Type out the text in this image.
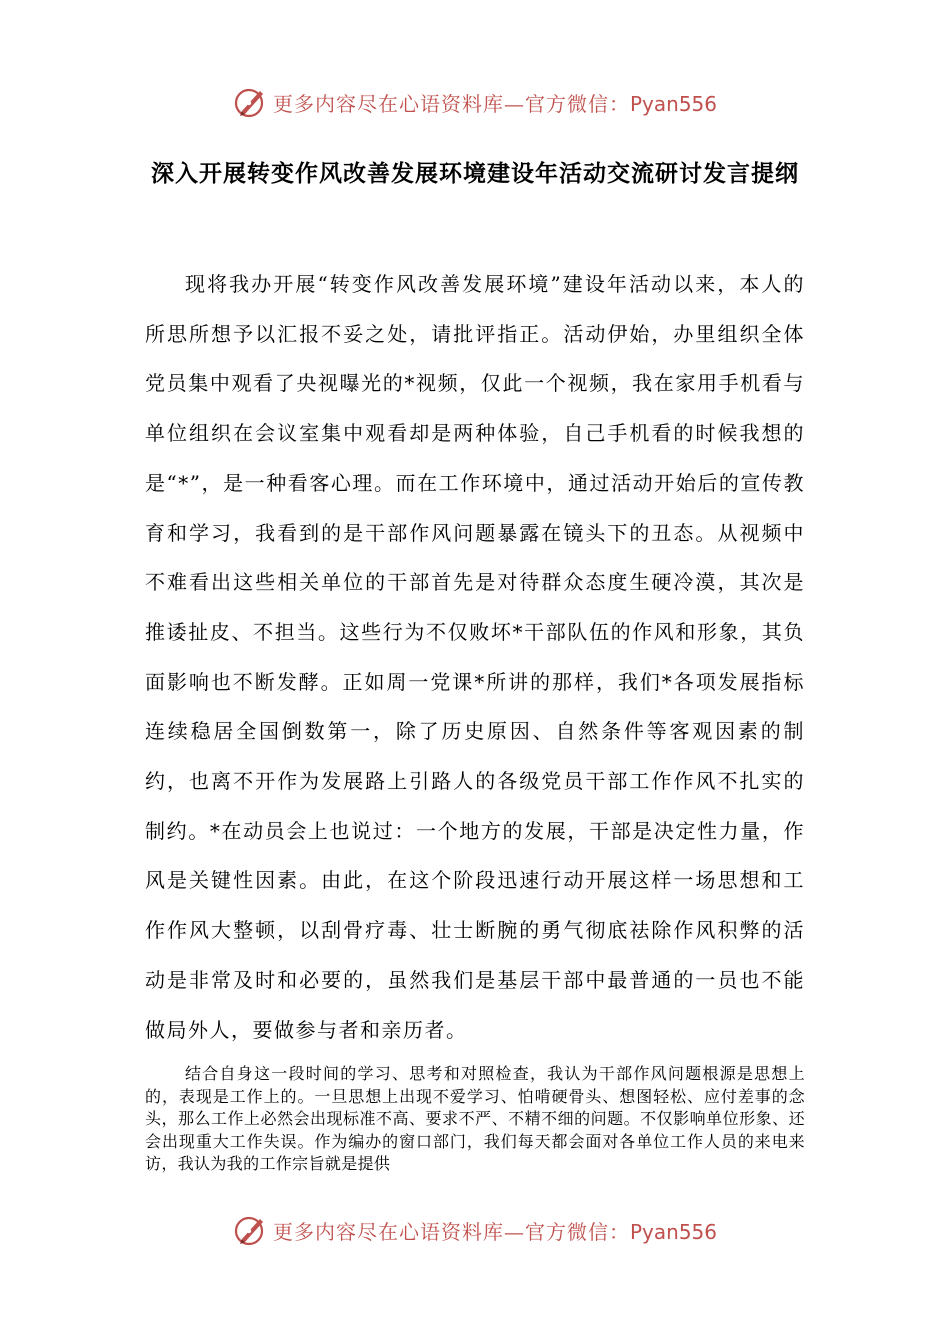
更多内容尽在心语资料库—官方微信：Pyan556
深入开展转变作风改善发展环境建设年活动交流研讨发言提纲
现将我办开展“转变作风改善发展环境”建设年活动以来，本人的所思所想予以汇报不妥之处，请批评指正。活动伊始，办里组织全体党员集中观看了央视曝光的*视频，仅此一个视频，我在家用手机看与单位组织在会议室集中观看却是两种体验，自己手机看的时候我想的是“*”，是一种看客心理。而在工作环境中，通过活动开始后的宣传教育和学习，我看到的是干部作风问题暴露在镜头下的丑态。从视频中不难看出这些相关单位的干部首先是对待群众态度生硬冷漠，其次是推诿扯皮、不担当。这些行为不仅败坏*干部队伍的作风和形象，其负面影响也不断发酵。正如周一党课*所讲的那样，我们*各项发展指标连续稳居全国倒数第一，除了历史原因、自然条件等客观因素的制约，也离不开作为发展路上引路人的各级党员干部工作作风不扎实的制约。*在动员会上也说过：一个地方的发展，干部是决定性力量，作风是关键性因素。由此，在这个阶段迅速行动开展这样一场思想和工作作风大整顿，以刮骨疗毒、壮士断腕的勇气彻底祛除作风积弊的活动是非常及时和必要的，虽然我们是基层干部中最普通的一员也不能做局外人，要做参与者和亲历者。
结合自身这一段时间的学习、思考和对照检查，我认为干部作风问题根源是思想上的，表现是工作上的。一旦思想上出现不爱学习、怕啃硬骨头、想图轻松、应付差事的念头，那么工作上必然会出现标准不高、要求不严、不精不细的问题。不仅影响单位形象、还会出现重大工作失误。作为编办的窗口部门，我们每天都会面对各单位工作人员的来电来访，我认为我的工作宗旨就是提供
更多内容尽在心语资料库—官方微信：Pyan556
